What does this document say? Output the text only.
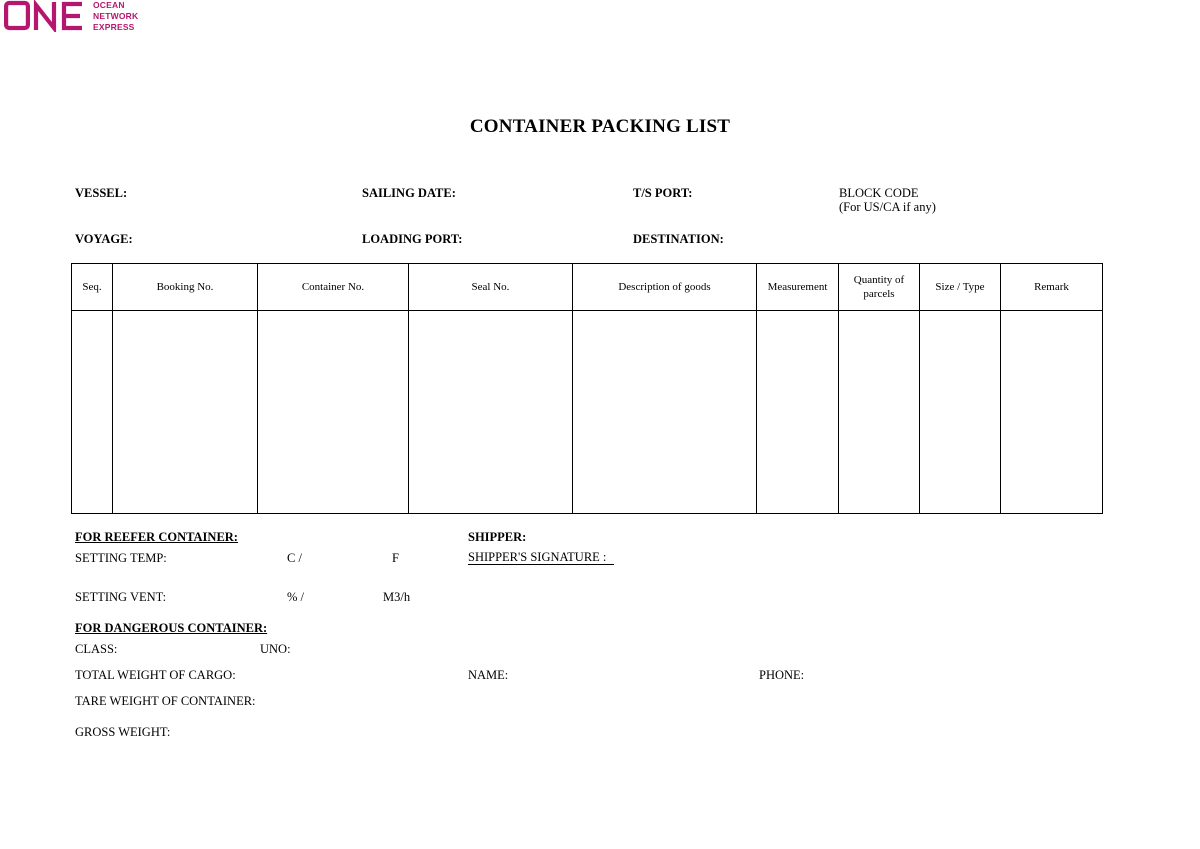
OCEAN
NETWORK
EXPRESS
CONTAINER PACKING LIST
VESSEL:	SAILING DATE:	T/S PORT:	BLOCK CODE
(For US/CA if any)
VOYAGE:	LOADING PORT:	DESTINATION:
Seq.	Booking No.	Container No.	Seal No.	Description of goods	Measurement	Quantity of parcels	Size / Type	Remark

FOR REEFER CONTAINER:
SETTING TEMP:	C /	F
SETTING VENT:	% /	M3/h
SHIPPER:
SHIPPER'S SIGNATURE :
FOR DANGEROUS CONTAINER:
CLASS:	UNO:
TOTAL WEIGHT OF CARGO:	NAME:	PHONE:
TARE WEIGHT OF CONTAINER:
GROSS WEIGHT:
